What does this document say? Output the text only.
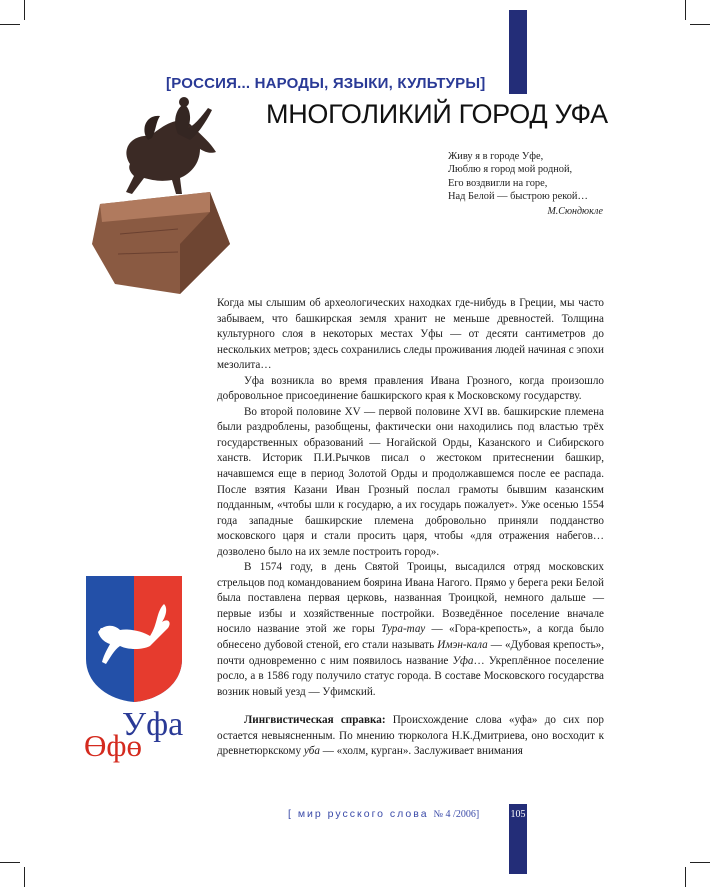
105
[РОССИЯ... НАРОДЫ, ЯЗЫКИ, КУЛЬТУРЫ]
МНОГОЛИКИЙ ГОРОД УФА
Живу я в городе Уфе,
Люблю я город мой родной,
Его воздвигли на горе,
Над Белой — быстрою рекой…
М.Сюндюкле

Когда мы слышим об археологических находках где-нибудь в Греции, мы часто забываем, что башкирская земля хранит не меньше древностей. Толщина культурного слоя в некоторых местах Уфы — от десяти сантиметров до нескольких метров; здесь сохранились следы проживания людей начиная с эпохи мезолита…

Уфа возникла во время правления Ивана Грозного, когда произошло добровольное присоединение башкирского края к Московскому государству.

Во второй половине XV — первой половине XVI вв. башкирские племена были раздроблены, разобщены, фактически они находились под властью трёх государственных образований — Ногайской Орды, Казанского и Сибирского ханств. Историк П.И.Рычков писал о жестоком притеснении башкир, начавшемся еще в период Золотой Орды и продолжавшемся после ее распада. После взятия Казани Иван Грозный послал грамоты бывшим казанским подданным, «чтобы шли к государю, а их государь пожалует». Уже осенью 1554 года западные башкирские племена добровольно приняли подданство московского царя и стали просить царя, чтобы «для отражения набегов… дозволено было на их земле построить город».

В 1574 году, в день Святой Троицы, высадился отряд московских стрельцов под командованием боярина Ивана Нагого. Прямо у берега реки Белой была поставлена первая церковь, названная Троицкой, немного дальше — первые избы и хозяйственные постройки. Возведённое поселение вначале носило название этой же горы Тура-тау — «Гора-крепость», а когда было обнесено дубовой стеной, его стали называть Имэн-кала — «Дубовая крепость», почти одновременно с ним появилось название Уфа… Укреплённое поселение росло, а в 1586 году получило статус города. В составе Московского государства возник новый уезд — Уфимский.

Лингвистическая справка: Происхождение слова «уфа» до сих пор остается невыясненным. По мнению тюрколога Н.К.Дмитриева, оно восходит к древнетюркскому уба — «холм, курган». Заслуживает внимания

Уфа
Өфө
[ мир русского слова № 4 /2006]
